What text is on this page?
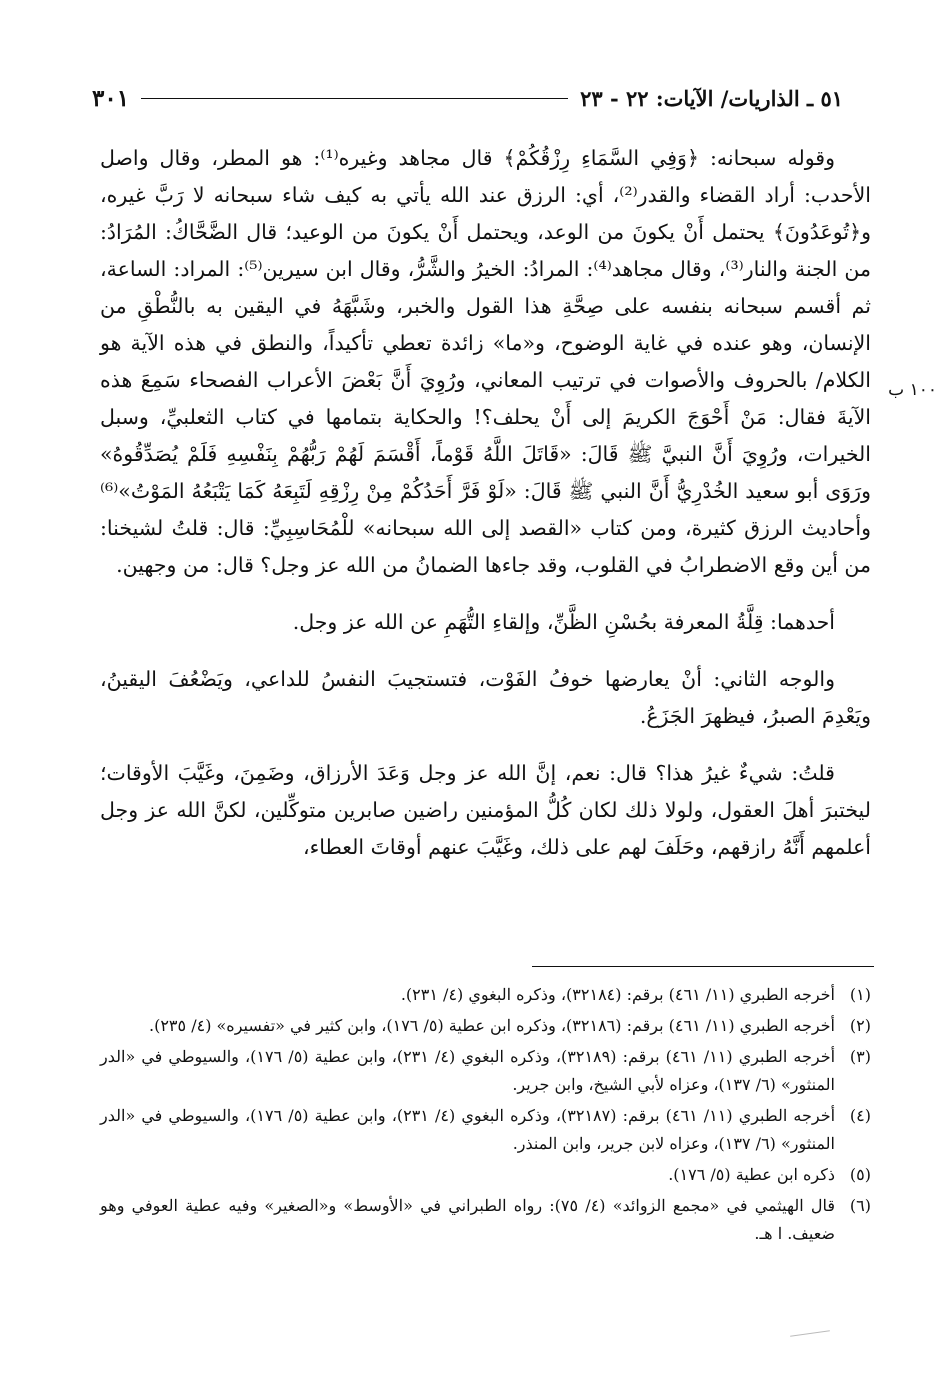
٥١ ـ الذاريات/ الآيات: ٢٢ - ٢٣
٣٠١
١٠٠ ب

وقوله سبحانه: ﴿وَفِي السَّمَاءِ رِزْقُكُمْ﴾ قال مجاهد وغيره⁽¹⁾: هو المطر، وقال واصل الأحدب: أراد القضاء والقدر⁽²⁾، أي: الرزق عند الله يأتي به كيف شاء سبحانه لا رَبَّ غيره، و﴿تُوعَدُونَ﴾ يحتمل أَنْ يكونَ من الوعد، ويحتمل أَنْ يكونَ من الوعيد؛ قال الضَّحَّاكُ: المُرَادُ: من الجنة والنار⁽³⁾، وقال مجاهد⁽⁴⁾: المرادُ: الخيرُ والشَّرُّ، وقال ابن سيرين⁽⁵⁾: المراد: الساعة، ثم أقسم سبحانه بنفسه على صِحَّةِ هذا القول والخبر، وشَبَّهَهُ في اليقين به بالنُّطْقِ من الإنسان، وهو عنده في غاية الوضوح، و«ما» زائدة تعطي تأكيداً، والنطق في هذه الآية هو الكلام/ بالحروف والأصوات في ترتيب المعاني، ورُوِيَ أَنَّ بَعْضَ الأعراب الفصحاء سَمِعَ هذه الآيةَ فقال: مَنْ أَحْوَجَ الكريمَ إلى أَنْ يحلف؟! والحكاية بتمامها في كتاب الثعلبيِّ، وسبل الخيرات، ورُوِيَ أَنَّ النبيَّ ﷺ قَالَ: «قَاتَلَ اللَّهُ قَوْماً، أَقْسَمَ لَهُمْ رَبُّهُمْ بِنَفْسِهِ فَلَمْ يُصَدِّقُوهُ» ورَوَى أبو سعيد الخُدْرِيُّ أَنَّ النبي ﷺ قَالَ: «لَوْ فَرَّ أَحَدُكُمْ مِنْ رِزْقِهِ لَتَبِعَهُ كَمَا يَتْبَعُهُ المَوْتُ»⁽⁶⁾ وأحاديث الرزق كثيرة، ومن كتاب «القصد إلى الله سبحانه» للْمُحَاسِبِيِّ: قال: قلتُ لشيخنا: من أين وقع الاضطرابُ في القلوب، وقد جاءها الضمانُ من الله عز وجل؟ قال: من وجهين.

أحدهما: قِلَّةُ المعرفة بحُسْنِ الظَّنِّ، وإلقاءِ التُّهَمِ عن الله عز وجل.

والوجه الثاني: أنْ يعارضها خوفُ الفَوْت، فتستجيبَ النفسُ للداعي، ويَضْعُفَ اليقينُ، ويَعْدِمَ الصبرُ، فيظهرَ الجَزَعُ.

قلتُ: شيءٌ غيرُ هذا؟ قال: نعم، إنَّ الله عز وجل وَعَدَ الأرزاق، وضَمِنَ، وغَيَّبَ الأوقات؛ ليختبرَ أهلَ العقول، ولولا ذلك لكان كُلُّ المؤمنين راضين صابرين متوكِّلين، لكنَّ الله عز وجل أعلمهم أَنَّهُ رازقهم، وحَلَفَ لهم على ذلك، وغَيَّبَ عنهم أوقاتَ العطاء،

(١)
أخرجه الطبري (١١/ ٤٦١) برقم: (٣٢١٨٤)، وذكره البغوي (٤/ ٢٣١).
(٢)
أخرجه الطبري (١١/ ٤٦١) برقم: (٣٢١٨٦)، وذكره ابن عطية (٥/ ١٧٦)، وابن كثير في «تفسيره» (٤/ ٢٣٥).
(٣)
أخرجه الطبري (١١/ ٤٦١) برقم: (٣٢١٨٩)، وذكره البغوي (٤/ ٢٣١)، وابن عطية (٥/ ١٧٦)، والسيوطي في «الدر المنثور» (٦/ ١٣٧)، وعزاه لأبي الشيخ، وابن جرير.
(٤)
أخرجه الطبري (١١/ ٤٦١) برقم: (٣٢١٨٧)، وذكره البغوي (٤/ ٢٣١)، وابن عطية (٥/ ١٧٦)، والسيوطي في «الدر المنثور» (٦/ ١٣٧)، وعزاه لابن جرير، وابن المنذر.
(٥)
ذكره ابن عطية (٥/ ١٧٦).
(٦)
قال الهيثمي في «مجمع الزوائد» (٤/ ٧٥): رواه الطبراني في «الأوسط» و«الصغير» وفيه عطية العوفي وهو ضعيف. ا هـ.
